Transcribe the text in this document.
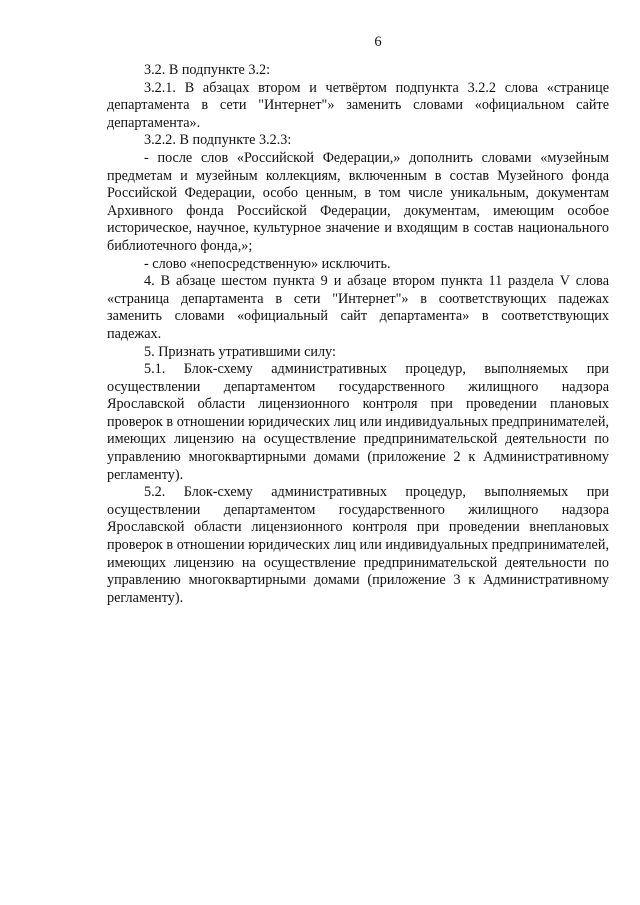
6

3.2. В подпункте 3.2:

3.2.1. В абзацах втором и четвёртом подпункта 3.2.2 слова «странице департамента в сети "Интернет"» заменить словами «официальном сайте департамента».

3.2.2. В подпункте 3.2.3:

- после слов «Российской Федерации,» дополнить словами «музейным предметам и музейным коллекциям, включенным в состав Музейного фонда Российской Федерации, особо ценным, в том числе уникальным, документам Архивного фонда Российской Федерации, документам, имеющим особое историческое, научное, культурное значение и входящим в состав национального библиотечного фонда,»;

- слово «непосредственную» исключить.

4. В абзаце шестом пункта 9 и абзаце втором пункта 11 раздела V слова «страница департамента в сети "Интернет"» в соответствующих падежах заменить словами «официальный сайт департамента» в соответствующих падежах.

5. Признать утратившими силу:

5.1. Блок-схему административных процедур, выполняемых при осуществлении департаментом государственного жилищного надзора Ярославской области лицензионного контроля при проведении плановых проверок в отношении юридических лиц или индивидуальных предпринимателей, имеющих лицензию на осуществление предпринимательской деятельности по управлению многоквартирными домами (приложение 2 к Административному регламенту).

5.2. Блок-схему административных процедур, выполняемых при осуществлении департаментом государственного жилищного надзора Ярославской области лицензионного контроля при проведении внеплановых проверок в отношении юридических лиц или индивидуальных предпринимателей, имеющих лицензию на осуществление предпринимательской деятельности по управлению многоквартирными домами (приложение 3 к Административному регламенту).
